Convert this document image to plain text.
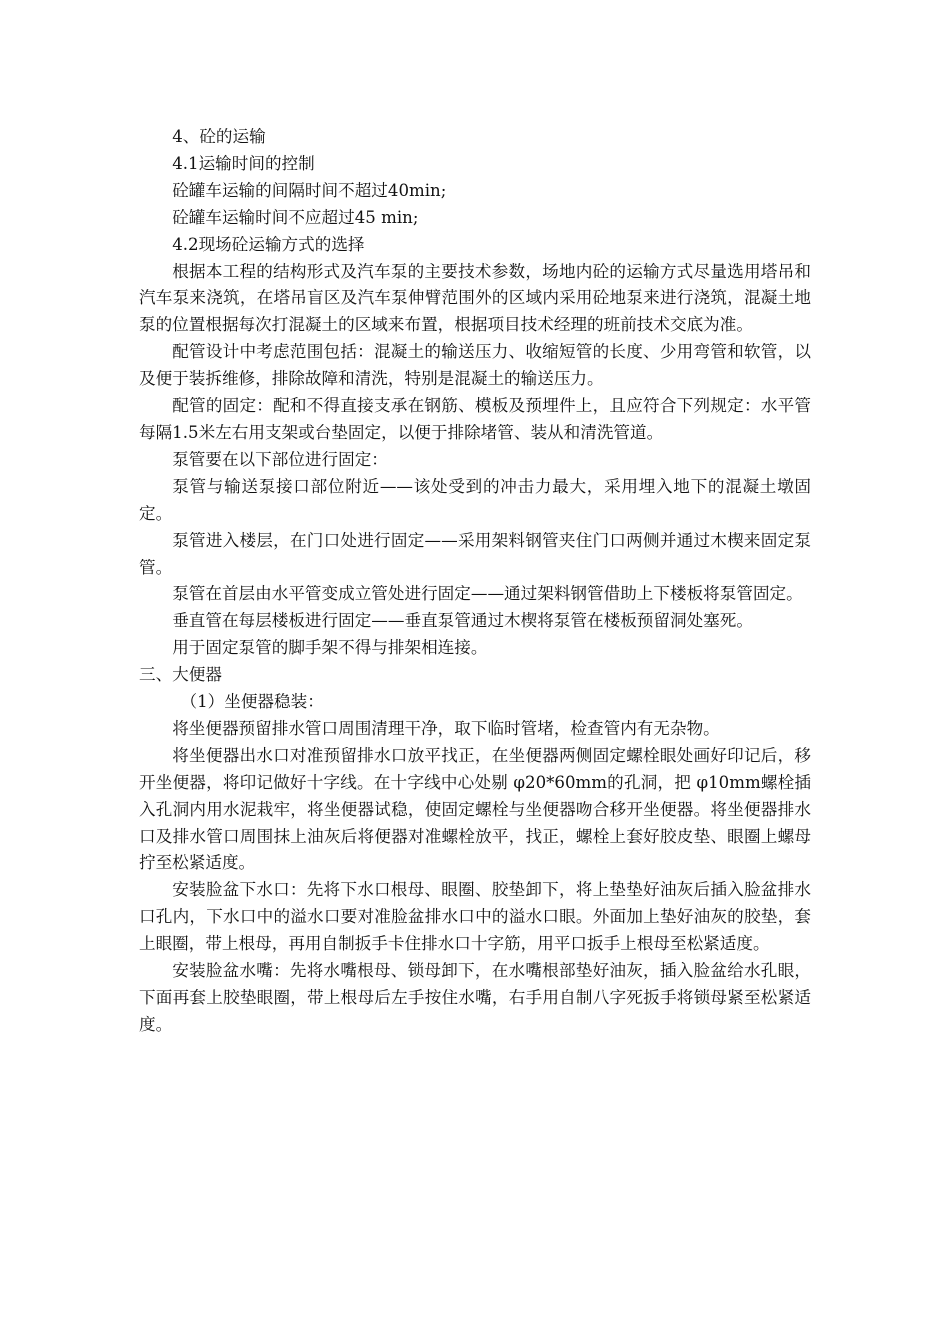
4、砼的运输

4.1运输时间的控制

砼罐车运输的间隔时间不超过40min;

砼罐车运输时间不应超过45 min;

4.2现场砼运输方式的选择

根据本工程的结构形式及汽车泵的主要技术参数，场地内砼的运输方式尽量选用塔吊和汽车泵来浇筑，在塔吊盲区及汽车泵伸臂范围外的区域内采用砼地泵来进行浇筑，混凝土地泵的位置根据每次打混凝土的区域来布置，根据项目技术经理的班前技术交底为准。

配管设计中考虑范围包括：混凝土的输送压力、收缩短管的长度、少用弯管和软管，以及便于装拆维修，排除故障和清洗，特别是混凝土的输送压力。

配管的固定：配和不得直接支承在钢筋、模板及预埋件上，且应符合下列规定：水平管每隔1.5米左右用支架或台垫固定，以便于排除堵管、装从和清洗管道。

泵管要在以下部位进行固定：

泵管与输送泵接口部位附近——该处受到的冲击力最大，采用埋入地下的混凝土墩固定。

泵管进入楼层，在门口处进行固定——采用架料钢管夹住门口两侧并通过木楔来固定泵管。

泵管在首层由水平管变成立管处进行固定——通过架料钢管借助上下楼板将泵管固定。

垂直管在每层楼板进行固定——垂直泵管通过木楔将泵管在楼板预留洞处塞死。

用于固定泵管的脚手架不得与排架相连接。

三、大便器

（1）坐便器稳装：

将坐便器预留排水管口周围清理干净，取下临时管堵，检查管内有无杂物。

将坐便器出水口对准预留排水口放平找正，在坐便器两侧固定螺栓眼处画好印记后，移开坐便器，将印记做好十字线。在十字线中心处剔 φ20*60mm的孔洞，把 φ10mm螺栓插入孔洞内用水泥栽牢，将坐便器试稳，使固定螺栓与坐便器吻合移开坐便器。将坐便器排水口及排水管口周围抹上油灰后将便器对准螺栓放平，找正，螺栓上套好胶皮垫、眼圈上螺母拧至松紧适度。

安装脸盆下水口：先将下水口根母、眼圈、胶垫卸下，将上垫垫好油灰后插入脸盆排水口孔内，下水口中的溢水口要对准脸盆排水口中的溢水口眼。外面加上垫好油灰的胶垫，套上眼圈，带上根母，再用自制扳手卡住排水口十字筋，用平口扳手上根母至松紧适度。

安装脸盆水嘴：先将水嘴根母、锁母卸下，在水嘴根部垫好油灰，插入脸盆给水孔眼，下面再套上胶垫眼圈，带上根母后左手按住水嘴，右手用自制八字死扳手将锁母紧至松紧适度。
